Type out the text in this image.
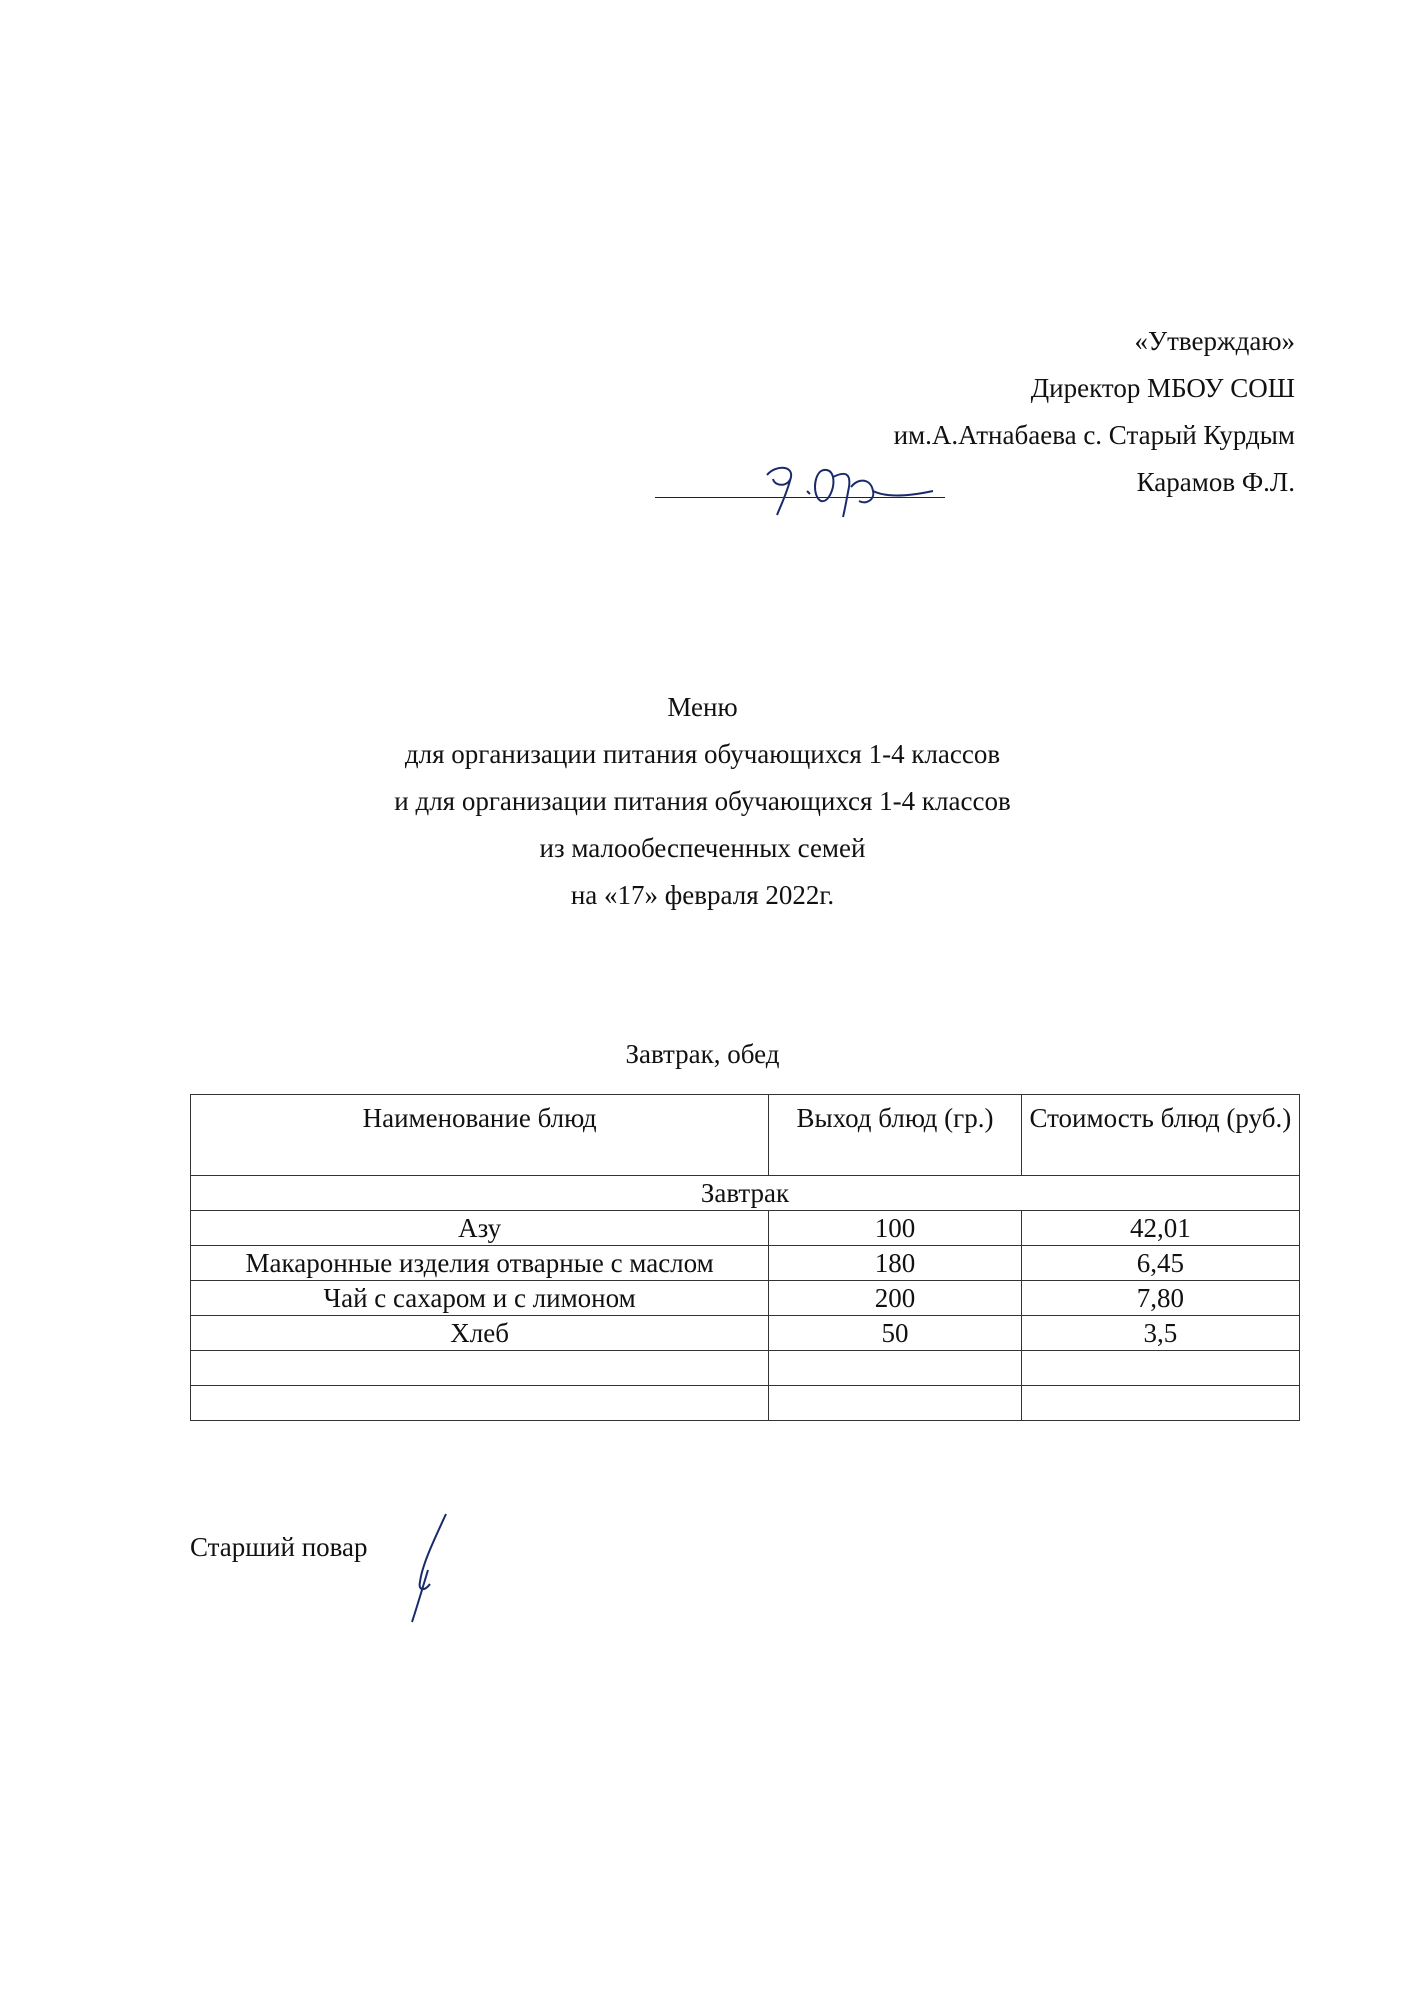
«Утверждаю»
Директор МБОУ СОШ
им.А.Атнабаева с. Старый Курдым
Карамов Ф.Л.
Меню
для организации питания обучающихся 1-4 классов
и для организации питания обучающихся 1-4 классов
из малообеспеченных семей
на «17» февраля 2022г.
Завтрак, обед
Наименование блюд	Выход блюд (гр.)	Стоимость блюд (руб.)
Завтрак		
Азу	100	42,01
Макаронные изделия отварные с маслом	180	6,45
Чай с сахаром и с лимоном	200	7,80
Хлеб	50	3,5

Старший повар
